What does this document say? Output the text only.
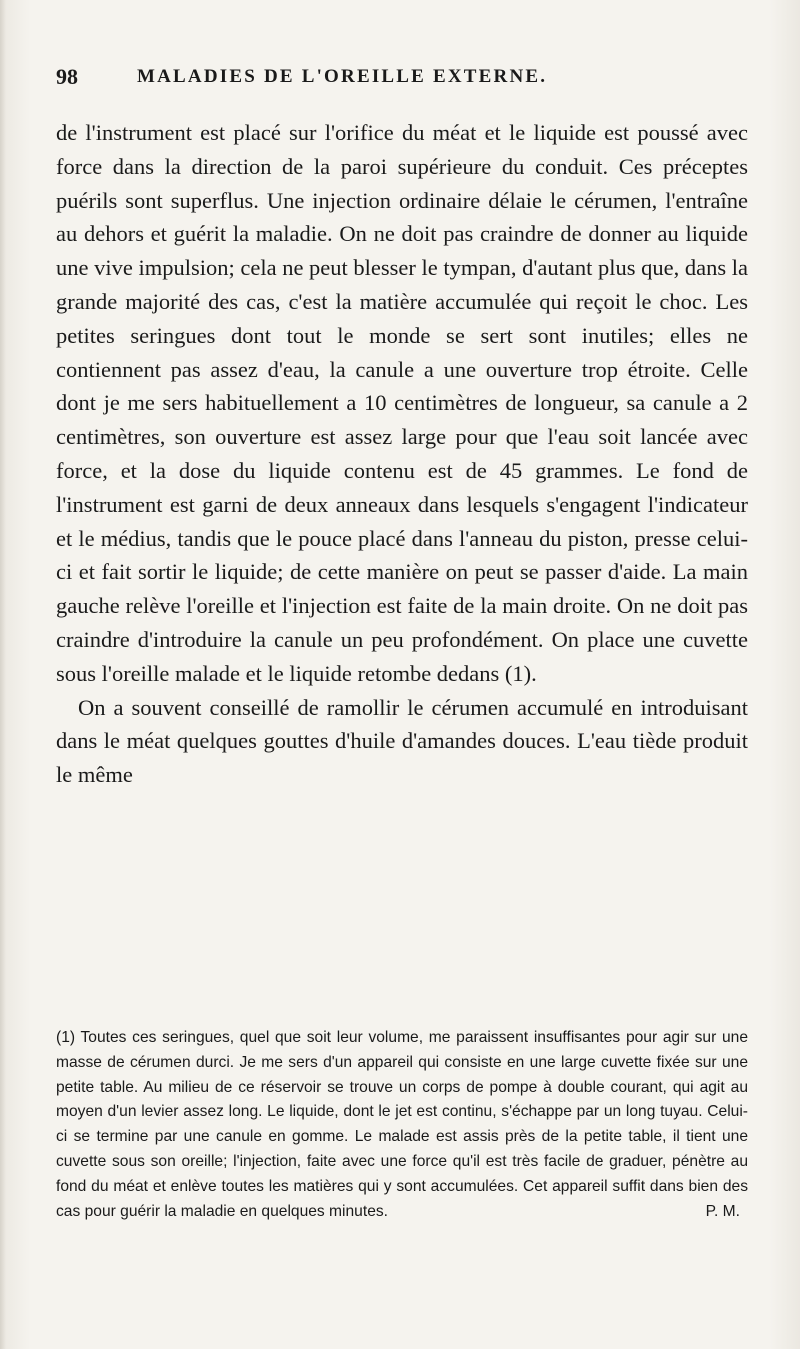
98	MALADIES DE L'OREILLE EXTERNE.

de l'instrument est placé sur l'orifice du méat et le liquide est poussé avec force dans la direction de la paroi supérieure du conduit. Ces préceptes puérils sont superflus. Une injection ordinaire délaie le cérumen, l'entraîne au dehors et guérit la maladie. On ne doit pas craindre de donner au liquide une vive impulsion; cela ne peut blesser le tympan, d'autant plus que, dans la grande majorité des cas, c'est la matière accumulée qui reçoit le choc. Les petites seringues dont tout le monde se sert sont inutiles; elles ne contiennent pas assez d'eau, la canule a une ouverture trop étroite. Celle dont je me sers habituellement a 10 centimètres de longueur, sa canule a 2 centimètres, son ouverture est assez large pour que l'eau soit lancée avec force, et la dose du liquide contenu est de 45 grammes. Le fond de l'instrument est garni de deux anneaux dans lesquels s'engagent l'indicateur et le médius, tandis que le pouce placé dans l'anneau du piston, presse celui-ci et fait sortir le liquide; de cette manière on peut se passer d'aide. La main gauche relève l'oreille et l'injection est faite de la main droite. On ne doit pas craindre d'introduire la canule un peu profondément. On place une cuvette sous l'oreille malade et le liquide retombe dedans (1).

On a souvent conseillé de ramollir le cérumen accumulé en introduisant dans le méat quelques gouttes d'huile d'amandes douces. L'eau tiède produit le même

(1) Toutes ces seringues, quel que soit leur volume, me paraissent insuffisantes pour agir sur une masse de cérumen durci. Je me sers d'un appareil qui consiste en une large cuvette fixée sur une petite table. Au milieu de ce réservoir se trouve un corps de pompe à double courant, qui agit au moyen d'un levier assez long. Le liquide, dont le jet est continu, s'échappe par un long tuyau. Celui-ci se termine par une canule en gomme. Le malade est assis près de la petite table, il tient une cuvette sous son oreille; l'injection, faite avec une force qu'il est très facile de graduer, pénètre au fond du méat et enlève toutes les matières qui y sont accumulées. Cet appareil suffit dans bien des cas pour guérir la maladie en quelques minutes.	P. M.
